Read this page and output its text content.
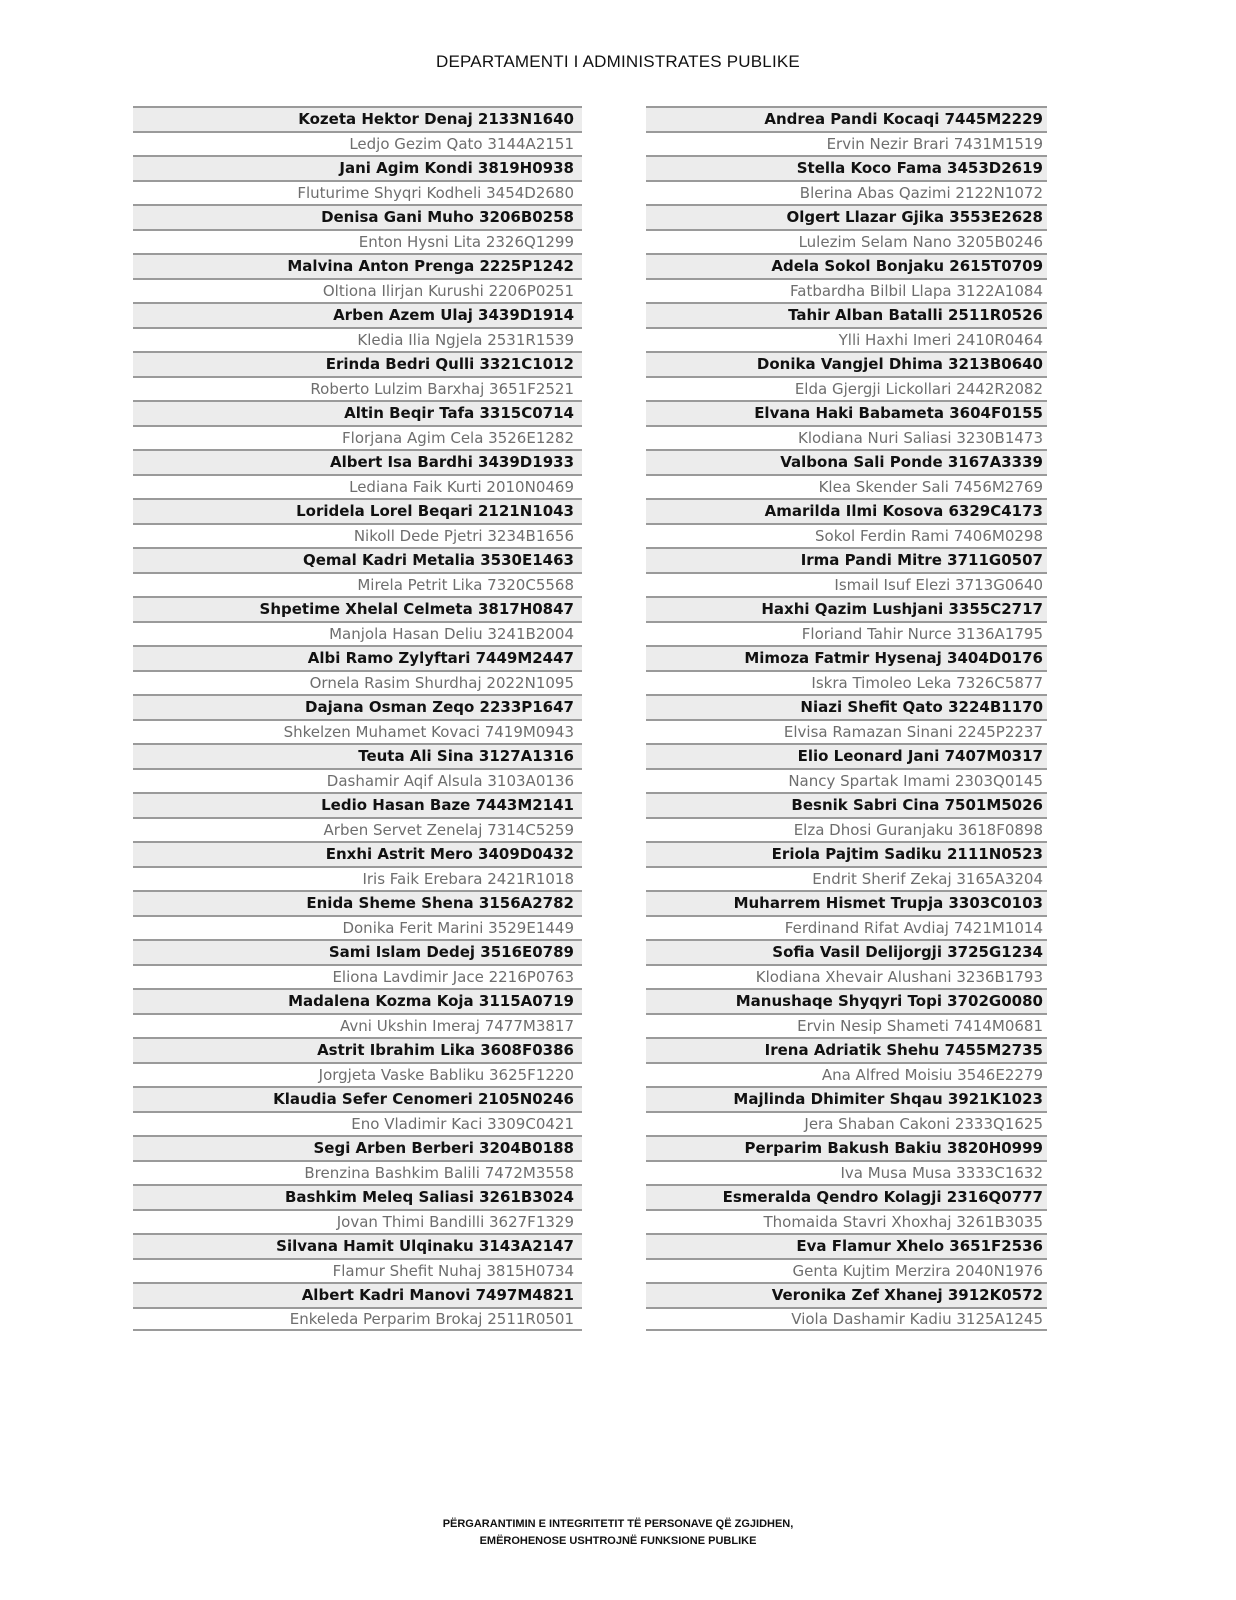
DEPARTAMENTI I ADMINISTRATES PUBLIKE
Kozeta Hektor Denaj 2133N1640
Ledjo Gezim Qato 3144A2151
Jani Agim Kondi 3819H0938
Fluturime Shyqri Kodheli 3454D2680
Denisa Gani Muho 3206B0258
Enton Hysni Lita 2326Q1299
Malvina Anton Prenga 2225P1242
Oltiona Ilirjan Kurushi 2206P0251
Arben Azem Ulaj 3439D1914
Kledia Ilia Ngjela 2531R1539
Erinda Bedri Qulli 3321C1012
Roberto Lulzim Barxhaj 3651F2521
Altin Beqir Tafa 3315C0714
Florjana Agim Cela 3526E1282
Albert Isa Bardhi 3439D1933
Lediana Faik Kurti 2010N0469
Loridela Lorel Beqari 2121N1043
Nikoll Dede Pjetri 3234B1656
Qemal Kadri Metalia 3530E1463
Mirela Petrit Lika 7320C5568
Shpetime Xhelal Celmeta 3817H0847
Manjola Hasan Deliu 3241B2004
Albi Ramo Zylyftari 7449M2447
Ornela Rasim Shurdhaj 2022N1095
Dajana Osman Zeqo 2233P1647
Shkelzen Muhamet Kovaci 7419M0943
Teuta Ali Sina 3127A1316
Dashamir Aqif Alsula 3103A0136
Ledio Hasan Baze 7443M2141
Arben Servet Zenelaj 7314C5259
Enxhi Astrit Mero 3409D0432
Iris Faik Erebara 2421R1018
Enida Sheme Shena 3156A2782
Donika Ferit Marini 3529E1449
Sami Islam Dedej 3516E0789
Eliona Lavdimir Jace 2216P0763
Madalena Kozma Koja 3115A0719
Avni Ukshin Imeraj 7477M3817
Astrit Ibrahim Lika 3608F0386
Jorgjeta Vaske Babliku 3625F1220
Klaudia Sefer Cenomeri 2105N0246
Eno Vladimir Kaci 3309C0421
Segi Arben Berberi 3204B0188
Brenzina Bashkim Balili 7472M3558
Bashkim Meleq Saliasi 3261B3024
Jovan Thimi Bandilli 3627F1329
Silvana Hamit Ulqinaku 3143A2147
Flamur Shefit Nuhaj 3815H0734
Albert Kadri Manovi 7497M4821
Enkeleda Perparim Brokaj 2511R0501
Andrea Pandi Kocaqi 7445M2229
Ervin Nezir Brari 7431M1519
Stella Koco Fama 3453D2619
Blerina Abas Qazimi 2122N1072
Olgert Llazar Gjika 3553E2628
Lulezim Selam Nano 3205B0246
Adela Sokol Bonjaku 2615T0709
Fatbardha Bilbil Llapa 3122A1084
Tahir Alban Batalli 2511R0526
Ylli Haxhi Imeri 2410R0464
Donika Vangjel Dhima 3213B0640
Elda Gjergji Lickollari 2442R2082
Elvana Haki Babameta 3604F0155
Klodiana Nuri Saliasi 3230B1473
Valbona Sali Ponde 3167A3339
Klea Skender Sali 7456M2769
Amarilda Ilmi Kosova 6329C4173
Sokol Ferdin Rami 7406M0298
Irma Pandi Mitre 3711G0507
Ismail Isuf Elezi 3713G0640
Haxhi Qazim Lushjani 3355C2717
Floriand Tahir Nurce 3136A1795
Mimoza Fatmir Hysenaj 3404D0176
Iskra Timoleo Leka 7326C5877
Niazi Shefit Qato 3224B1170
Elvisa Ramazan Sinani 2245P2237
Elio Leonard Jani 7407M0317
Nancy Spartak Imami 2303Q0145
Besnik Sabri Cina 7501M5026
Elza Dhosi Guranjaku 3618F0898
Eriola Pajtim Sadiku 2111N0523
Endrit Sherif Zekaj 3165A3204
Muharrem Hismet Trupja 3303C0103
Ferdinand Rifat Avdiaj 7421M1014
Sofia Vasil Delijorgji 3725G1234
Klodiana Xhevair Alushani 3236B1793
Manushaqe Shyqyri Topi 3702G0080
Ervin Nesip Shameti 7414M0681
Irena Adriatik Shehu 7455M2735
Ana Alfred Moisiu 3546E2279
Majlinda Dhimiter Shqau 3921K1023
Jera Shaban Cakoni 2333Q1625
Perparim Bakush Bakiu 3820H0999
Iva Musa Musa 3333C1632
Esmeralda Qendro Kolagji 2316Q0777
Thomaida Stavri Xhoxhaj 3261B3035
Eva Flamur Xhelo 3651F2536
Genta Kujtim Merzira 2040N1976
Veronika Zef Xhanej 3912K0572
Viola Dashamir Kadiu 3125A1245
PËRGARANTIMIN E INTEGRITETIT TË PERSONAVE QË ZGJIDHEN,
EMËROHENOSE USHTROJNË FUNKSIONE PUBLIKE
